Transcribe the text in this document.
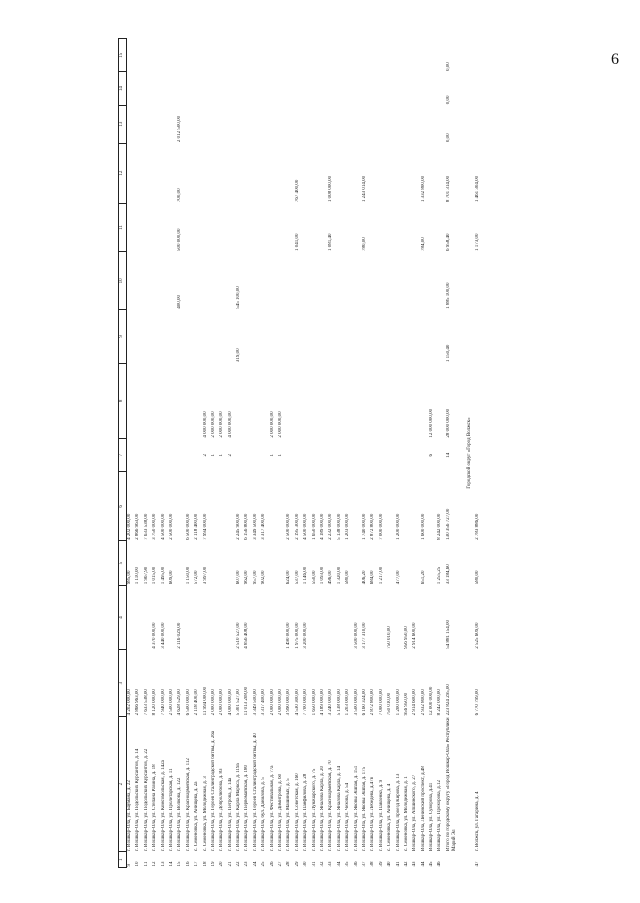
6
1	2	3	4	5	6	7	8	9	10	11	12	13	14	15
9	г. Йошкар-Ола, ул. Баумана, д. 22	4 202 000,00		985,00	4 202 000,00									
10	г. Йошкар-Ола, ул. Подольских Курсантов, д. 14	2 866 963,00		1 110,00	2 866 963,00									
11	г. Йошкар-Ола, ул. Подольских Курсантов, д. 22	7 633 538,00		1 967,90	7 633 538,00									
12	г. Йошкар-Ола, ул. Степана Разина, д. 18	8 120 000,00	4 370 000,00	1 015,00	3 750 000,00									
13	г. Йошкар-Ола, ул. Комсомольская, д. 142а	7 940 000,00	3 440 000,00	1 495,00	4 500 000,00									
14	г. Йошкар-Ола, ул. Пролетарская, д. 11	2 500 000,00		609,00	2 500 000,00									
15	г. Йошкар-Ола, ул. Волкова, д. 122	4 628 529,00	2 116 029,00						400,00	500 000,00	700,00	2 012 500,00		
16	г. Йошкар-Ола, ул. Красноармейская, д. 112	6 500 000,00		1 150,00	6 500 000,00									
17	с. Семеновка, ул. Анищева, д. 2а	2 118 400,00		572,00	2 118 400,00									
18	с. Семеновка, ул. Молодежная, д. 3	11 994 000,00		3 997,00	7 994 000,00	2	4 000 000,00							
19	г. Йошкар-Ола, ул. Героев Сталинградской битвы, д. 26а	2 000 000,00				1	2 000 000,00							
20	г. Йошкар-Ола, ул. Добролюбова, д. 83	2 000 000,00				1	2 000 000,00							
21	г. Йошкар-Ола, ул. Петрова, д. 14а	4 000 000,00				2	4 000 000,00							
22	г. Йошкар-Ола, ул. Карла Маркса, д. 119а	5 301 527,00	2 510 527,00	607,00	2 245 900,00			319,00	545 100,00					
23	г. Йошкар-Ола, ул. Первомайская, д. 180	11 013 208,00	4 856 408,00	962,00	6 156 800,00									
24	г. Йошкар-Ола, ул. Героев Сталинградской битвы, д. 40	3 349 500,00		957,00	3 349 500,00									
25	г. Йошкар-Ола, бул. Данилова, д. 5	3 317 400,00		902,00	3 317 400,00									
26	г. Йошкар-Ола, ул. Фестивальная, д. 77а	2 000 000,00				1	2 000 000,00							
27	г. Йошкар-Ола, ул. Димитрова, д. 60	2 000 000,00				1	2 000 000,00							
28	г. Йошкар-Ола, ул. Машиных, д. 5	3 990 000,00	1 490 000,00	624,00	2 500 000,00									
29	г. Йошкар-Ола, ул. Советская, д. 160	4 530 300,00	1 975 000,00	537,00	2 195 300,00					1 041,00	767 400,00			
30	г. Йошкар-Ола, ул. Панфилова, д. 28	7 700 000,00	3 200 000,00	1 146,00	4 500 000,00									
31	г. Йошкар-Ола, ул. Луначарского, д. 75	1 650 000,00		550,00	1 650 000,00									
32	г. Йошкар-Ола, ул. Яналова Карла, д. 20	4 189 000,00		1 093,00	4 189 000,00									
33	г. Йошкар-Ола, ул. Красноармейская, д. 70	3 240 000,00		496,00	2 232 000,00					1 081,40	1 008 000,00			
34	г. Йошкар-Ола, ул. Яналова Карла, д. 14	5 138 000,00		1 320,00	5 138 000,00									
35	г. Йошкар-Ола, ул. Чехова, д. 54	1 203 000,00		580,00	1 203 000,00									
36	г. Йошкар-Ола, ул. Яковы Эшпая, д. 151	3 500 000,00	3 500 000,00											
37	г. Йошкар-Ola, ул. Яковы Эшпая, д. 175	6 160 324,00	3 177 310,00	406,20	1 740 000,00					780,00	1 243 014,00			
38	г. Йошкар-Ола, ул. Лебедева, д.47в	2 872 800,00		684,00	2 872 800,00									
39	г. Йошкар-Ола, ул. Павленко, д. 9	7 000 000,00		1 217,00	7 000 000,00									
40	с. Семеновка, ул. Анищева, д. 4	750 010,00	750 010,00											
41	г. Йошкар-Ола, проезд Кирова, д. 13	1 200 000,00		477,00	1 200 000,00									
42	с. Семеновка, ул. Молодежная, д. 1	956 950,00	956 950,00											
43	Йошкар-Ола, ул. Апшинского, д. 27	2 914 600,00	2 914 600,00											
44	Йошкар-Ола, Ленинский проспект, д.48	2 932 800,00		651,20	1 600 000,00					784,00	1 332 800,00			
45	Йошкар-Ола, ул. Суворова, д.41	12 000 000,00				6	12 000 000,00							
46	Йошкар-Ола, ул. Прохорова, д.12	8 242 000,00		1 255,25	8 242 000,00									
	Итого по городскому округу «Город Йошкар-Ола» Республики Марий Эл	223 824 295,00	54 881 154,00	33 184,60	130 356 727,00	14	28 000 000,00	1 150,40	1 885 100,00	6 958,40	8 701 314,00	0,00	0,00	0,00

Городской округ «Город Волжск»														
47	г. Волжск, ул. Гагарина, д. 4	6 770 799,00	2 525 609,00	580,00	2 783 886,00					1 173,00	1 461 304,00			
